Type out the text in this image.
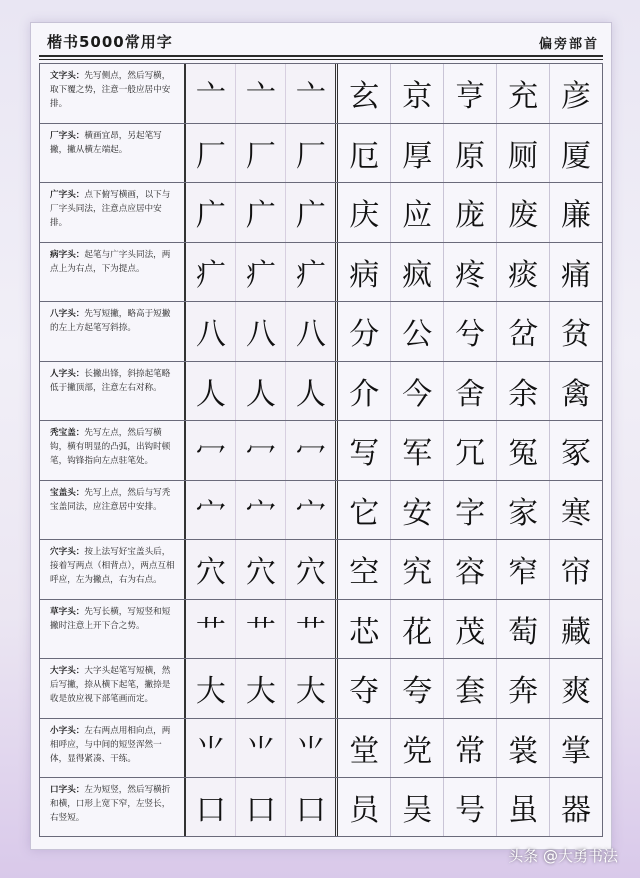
楷书5000常用字	偏旁部首
文字头：先写侧点，然后写横，取下覆之势，注意一般应居中安排。	亠 亠 亠 玄 京 亨 充 彦
厂字头：横画宜昂，另起笔写撇，撇从横左端起。	厂 厂 厂 厄 厚 原 厕 厦
广字头：点下俯写横画，以下与厂字头同法，注意点应居中安排。	广 广 广 庆 应 庞 废 廉
病字头：起笔与广字头同法，两点上为右点，下为提点。	疒 疒 疒 病 疯 疼 痰 痛
八字头：先写短撇，略高于短撇的左上方起笔写斜捺。	八 八 八 分 公 兮 岔 贫
人字头：长撇出锋，斜捺起笔略低于撇顶部，注意左右对称。	人 人 人 介 今 舍 余 禽
秃宝盖：先写左点，然后写横钩，横有明显的凸弧，出钩时顿笔，钩锋指向左点驻笔处。	冖 冖 冖 写 军 冗 冤 冢
宝盖头：先写上点，然后与写秃宝盖同法，应注意居中安排。	宀 宀 宀 它 安 字 家 寒
穴字头：按上法写好宝盖头后，接着写两点（相背点），两点互相呼应，左为撇点，右为右点。	穴 穴 穴 空 究 容 窄 帘
草字头：先写长横，写短竖和短撇时注意上开下合之势。	艹 艹 艹 芯 花 茂 萄 藏
大字头：大字头起笔写短横，然后写撇，捺从横下起笔，撇捺是收是放应视下部笔画而定。	大 大 大 夺 夸 套 奔 爽
小字头：左右两点用相向点，两相呼应，与中间的短竖浑然一体，显得紧凑、干练。	⺌ ⺌ ⺌ 堂 党 常 裳 掌
口字头：左为短竖，然后写横折和横，口形上宽下窄，左竖长，右竖短。	口 口 口 员 吴 号 虽 器
头条 @大勇书法
